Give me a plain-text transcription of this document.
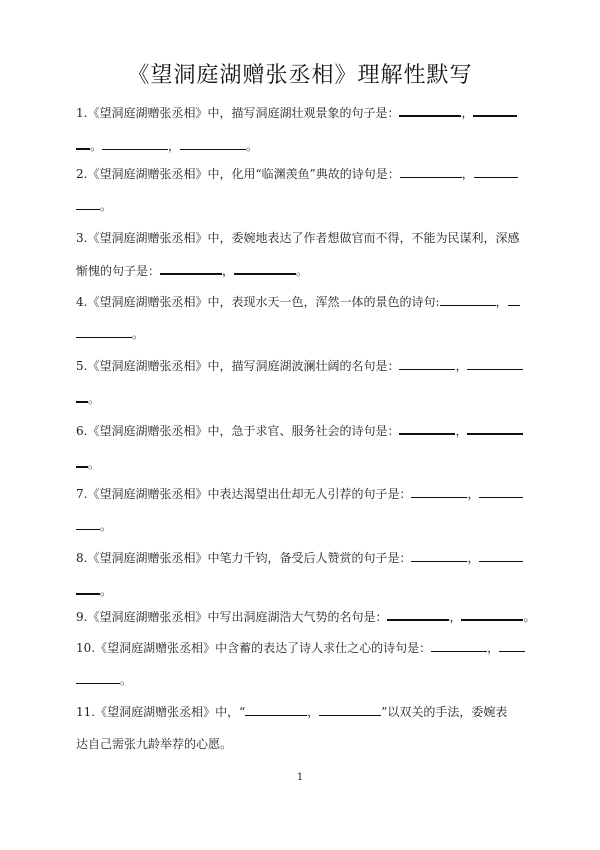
《望洞庭湖赠张丞相》理解性默写
1.《望洞庭湖赠张丞相》中，描写洞庭湖壮观景象的句子是：	，
。	，	。
2.《望洞庭湖赠张丞相》中，化用“临渊羡鱼”典故的诗句是：	，
。
3.《望洞庭湖赠张丞相》中，委婉地表达了作者想做官而不得，不能为民谋利，深感
惭愧的句子是：	，	。
4.《望洞庭湖赠张丞相》中，表现水天一色，浑然一体的景色的诗句:	，
。
5.《望洞庭湖赠张丞相》中，描写洞庭湖波澜壮阔的名句是：	，
。
6.《望洞庭湖赠张丞相》中，急于求官、服务社会的诗句是：	，
。
7.《望洞庭湖赠张丞相》中表达渴望出仕却无人引荐的句子是：	，
。
8.《望洞庭湖赠张丞相》中笔力千钧，备受后人赞赏的句子是：	，
。
9.《望洞庭湖赠张丞相》中写出洞庭湖浩大气势的名句是：	，	。
10.《望洞庭湖赠张丞相》中含蓄的表达了诗人求仕之心的诗句是：	，
。
11.《望洞庭湖赠张丞相》中，“	，	”以双关的手法，委婉表
达自己需张九龄举荐的心愿。
1
